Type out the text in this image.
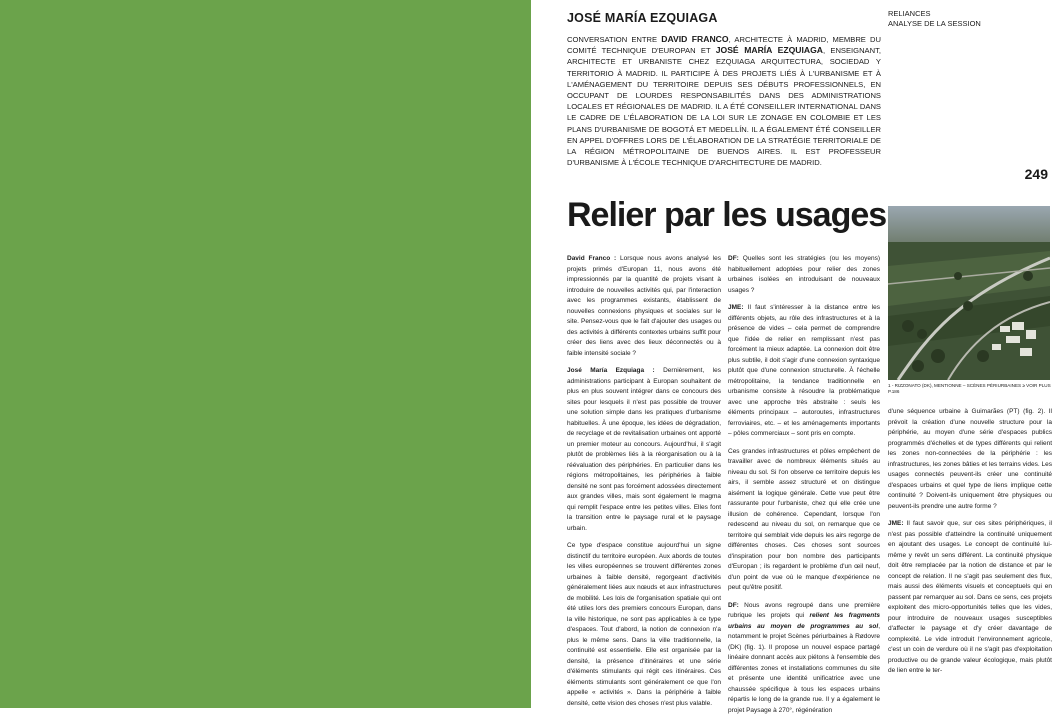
JOSÉ MARÍA EZQUIAGA	RELIANCES
ANALYSE DE LA SESSION
CONVERSATION ENTRE DAVID FRANCO, ARCHITECTE À MADRID, MEMBRE DU COMITÉ TECHNIQUE D'EUROPAN ET JOSÉ MARÍA EZQUIAGA, ENSEIGNANT, ARCHITECTE ET URBANISTE CHEZ EZQUIAGA ARQUITECTURA, SOCIEDAD Y TERRITORIO À MADRID. IL PARTICIPE À DES PROJETS LIÉS À L'URBANISME ET À L'AMÉNAGEMENT DU TERRITOIRE DEPUIS SES DÉBUTS PROFESSIONNELS, EN OCCUPANT DE LOURDES RESPONSABILITÉS DANS DES ADMINISTRATIONS LOCALES ET RÉGIONALES DE MADRID. IL A ÉTÉ CONSEILLER INTERNATIONAL DANS LE CADRE DE L'ÉLABORATION DE LA LOI SUR LE ZONAGE EN COLOMBIE ET LES PLANS D'URBANISME DE BOGOTÁ ET MEDELLÍN. IL A ÉGALEMENT ÉTÉ CONSEILLER EN APPEL D'OFFRES LORS DE L'ÉLABORATION DE LA STRATÉGIE TERRITORIALE DE LA RÉGION MÉTROPOLITAINE DE BUENOS AIRES. IL EST PROFESSEUR D'URBANISME À L'ÉCOLE TECHNIQUE D'ARCHITECTURE DE MADRID.
249
Relier par les usages
1 - RIZZONATO (DK), MENTIONNE – SCÈNES PÉRIURBAINES ≥ VOIR PLUS P.186

David Franco : Lorsque nous avons analysé les projets primés d'Europan 11, nous avons été impressionnés par la quantité de projets visant à introduire de nouvelles activités qui, par l'interaction avec les programmes existants, établissent de nouvelles connexions physiques et sociales sur le site. Pensez-vous que le fait d'ajouter des usages ou des activités à différents contextes urbains suffit pour créer des liens avec des lieux déconnectés ou à faible intensité sociale ?

José María Ezquiaga : Dernièrement, les administrations participant à Europan souhaitent de plus en plus souvent intégrer dans ce concours des sites pour lesquels il n'est pas possible de trouver une solution simple dans les pratiques d'urbanisme habituelles. À une époque, les idées de dégradation, de recyclage et de revitalisation urbaines ont apporté un premier moteur au concours. Aujourd'hui, il s'agit plutôt de problèmes liés à la réorganisation ou à la réévaluation des périphéries. En particulier dans les régions métropolitaines, les périphéries à faible densité ne sont pas forcément adossées directement aux grandes villes, mais sont également le magma qui remplit l'espace entre les petites villes. Elles font la transition entre le paysage rural et le paysage urbain.

Ce type d'espace constitue aujourd'hui un signe distinctif du territoire européen. Aux abords de toutes les villes européennes se trouvent différentes zones urbaines à faible densité, regorgeant d'activités généralement liées aux nœuds et aux infrastructures de mobilité. Les lois de l'organisation spatiale qui ont été utiles lors des premiers concours Europan, dans la ville historique, ne sont pas applicables à ce type d'espaces. Tout d'abord, la notion de connexion n'a plus le même sens. Dans la ville traditionnelle, la continuité est essentielle. Elle est organisée par la densité, la présence d'itinéraires et une série d'éléments stimulants qui régit ces itinéraires. Ces éléments stimulants sont généralement ce que l'on appelle « activités ». Dans la périphérie à faible densité, cette vision des choses n'est plus valable.

DF: Quelles sont les stratégies (ou les moyens) habituellement adoptées pour relier des zones urbaines isolées en introduisant de nouveaux usages ?

JME: Il faut s'intéresser à la distance entre les différents objets, au rôle des infrastructures et à la présence de vides – cela permet de comprendre que l'idée de relier en remplissant n'est pas forcément la mieux adaptée. La connexion doit être plus subtile, il doit s'agir d'une connexion syntaxique plutôt que d'une connexion structurelle. À l'échelle métropolitaine, la tendance traditionnelle en urbanisme consiste à résoudre la problématique avec une approche très abstraite : seuls les éléments principaux – autoroutes, infrastructures ferroviaires, etc. – et les aménagements importants – pôles commerciaux – sont pris en compte.

Ces grandes infrastructures et pôles empêchent de travailler avec de nombreux éléments situés au niveau du sol. Si l'on observe ce territoire depuis les airs, il semble assez structuré et on distingue aisément la logique générale. Cette vue peut être rassurante pour l'urbaniste, chez qui elle crée une illusion de cohérence. Cependant, lorsque l'on redescend au niveau du sol, on remarque que ce territoire qui semblait vide depuis les airs regorge de différentes choses. Ces choses sont sources d'inspiration pour bon nombre des participants d'Europan ; ils regardent le problème d'un œil neuf, d'un point de vue où le manque d'expérience ne peut qu'être positif.

DF: Nous avons regroupé dans une première rubrique les projets qui relient les fragments urbains au moyen de programmes au sol, notamment le projet Scènes périurbaines à Rødovre (DK) (fig. 1). Il propose un nouvel espace partagé linéaire donnant accès aux piétons à l'ensemble des différentes zones et installations communes du site et présente une identité unificatrice avec une chaussée spécifique à tous les espaces urbains répartis le long de la grande rue. Il y a également le projet Paysage à 270°, régénération

d'une séquence urbaine à Guimarães (PT) (fig. 2). Il prévoit la création d'une nouvelle structure pour la périphérie, au moyen d'une série d'espaces publics programmés d'échelles et de types différents qui relient les zones non-connectées de la périphérie : les infrastructures, les zones bâties et les terrains vides. Les usages connectés peuvent-ils créer une continuité d'espaces urbains et quel type de liens implique cette continuité ? Doivent-ils uniquement être physiques ou peuvent-ils prendre une autre forme ?

JME: Il faut savoir que, sur ces sites périphériques, il n'est pas possible d'atteindre la continuité uniquement en ajoutant des usages. Le concept de continuité lui-même y revêt un sens différent. La continuité physique doit être remplacée par la notion de distance et par le concept de relation. Il ne s'agit pas seulement des flux, mais aussi des éléments visuels et conceptuels qui en passent par remarquer au sol. Dans ce sens, ces projets exploitent des micro-opportunités telles que les vides, pour introduire de nouveaux usages susceptibles d'affecter le paysage et d'y créer davantage de complexité. Le vide introduit l'environnement agricole, c'est un coin de verdure où il ne s'agit pas d'exploitation productive ou de grande valeur écologique, mais plutôt de lien entre le ter-
